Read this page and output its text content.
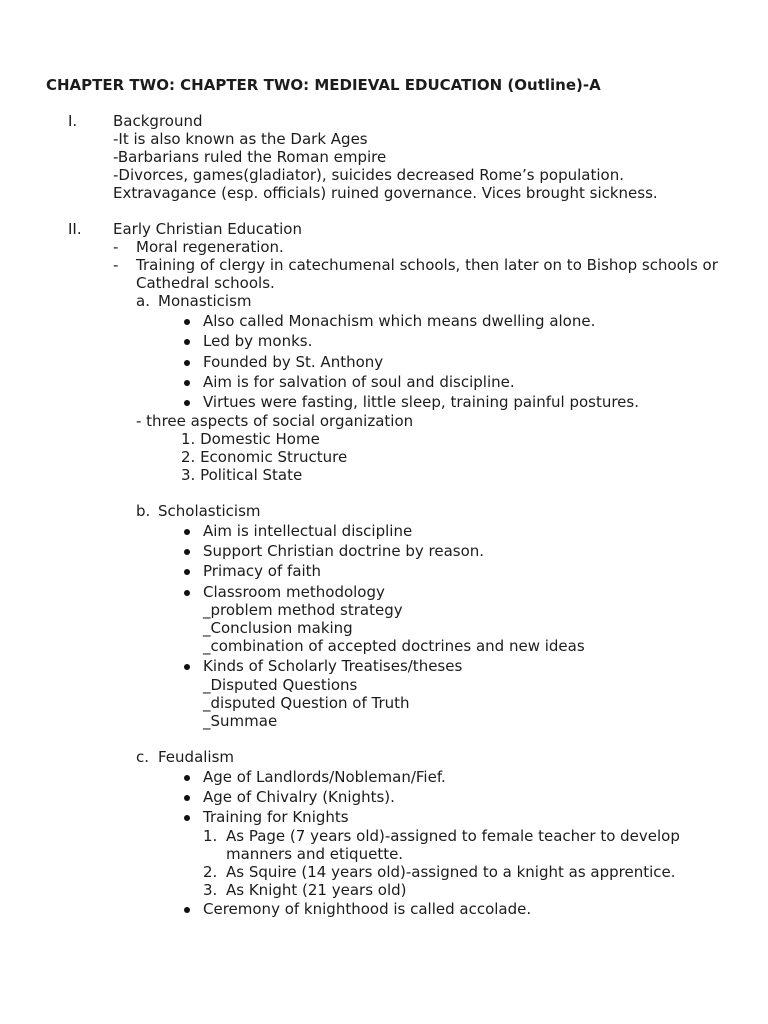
CHAPTER TWO: CHAPTER TWO: MEDIEVAL EDUCATION (Outline)-A
I. Background
-It is also known as the Dark Ages
-Barbarians ruled the Roman empire
-Divorces, games(gladiator), suicides decreased Rome’s population.
Extravagance (esp. officials) ruined governance. Vices brought sickness.
II. Early Christian Education
- Moral regeneration.
- Training of clergy in catechumenal schools, then later on to Bishop schools or
Cathedral schools.
a. Monasticism
Also called Monachism which means dwelling alone.
Led by monks.
Founded by St. Anthony
Aim is for salvation of soul and discipline.
Virtues were fasting, little sleep, training painful postures.
- three aspects of social organization
1. Domestic Home
2. Economic Structure
3. Political State
b. Scholasticism
Aim is intellectual discipline
Support Christian doctrine by reason.
Primacy of faith
Classroom methodology
_problem method strategy
_Conclusion making
_combination of accepted doctrines and new ideas
Kinds of Scholarly Treatises/theses
_Disputed Questions
_disputed Question of Truth
_Summae
c. Feudalism
Age of Landlords/Nobleman/Fief.
Age of Chivalry (Knights).
Training for Knights
1. As Page (7 years old)-assigned to female teacher to develop
manners and etiquette.
2. As Squire (14 years old)-assigned to a knight as apprentice.
3. As Knight (21 years old)
Ceremony of knighthood is called accolade.
